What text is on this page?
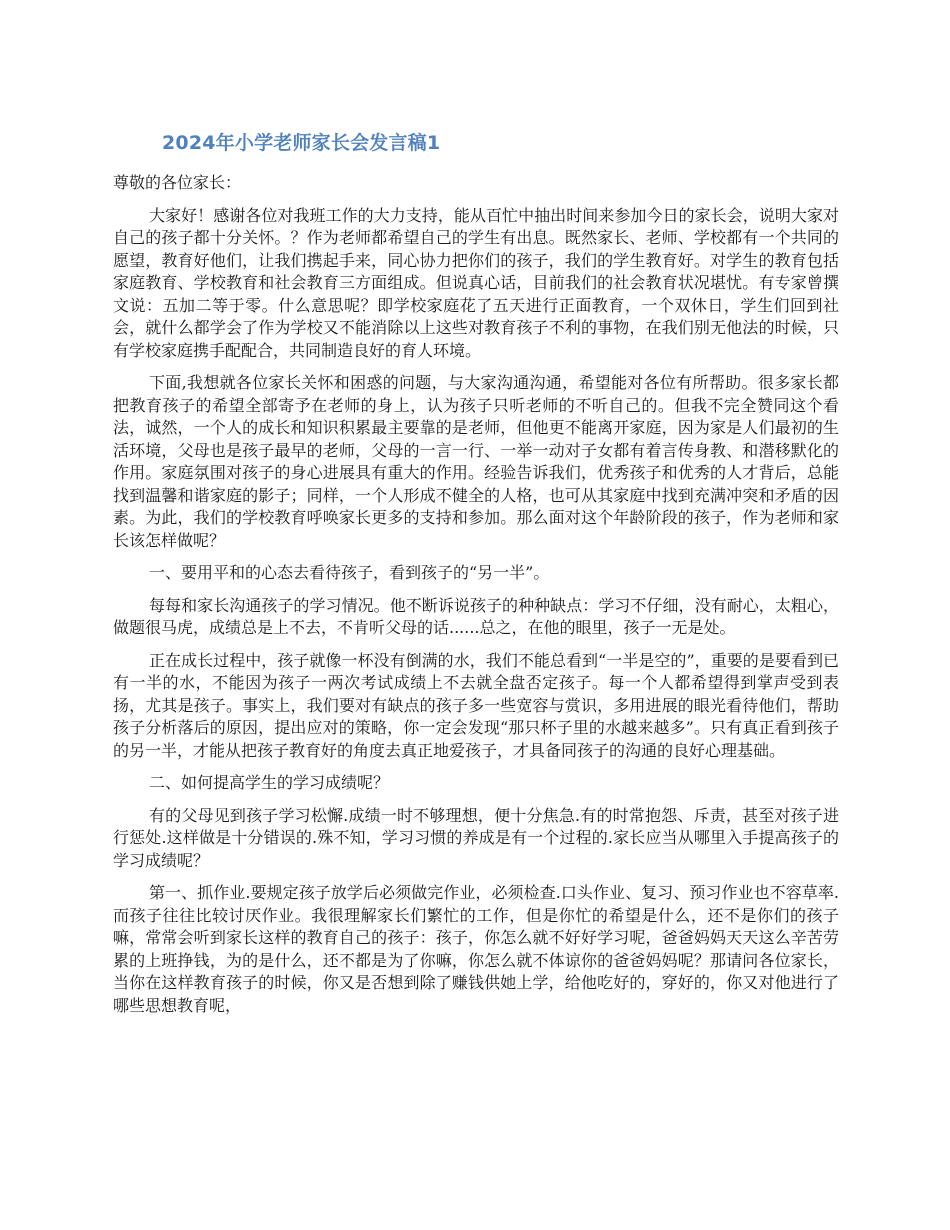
2024年小学老师家长会发言稿1

尊敬的各位家长：

大家好！感谢各位对我班工作的大力支持，能从百忙中抽出时间来参加今日的家长会，说明大家对自己的孩子都十分关怀。？作为老师都希望自己的学生有出息。既然家长、老师、学校都有一个共同的愿望，教育好他们，让我们携起手来，同心协力把你们的孩子，我们的学生教育好。对学生的教育包括家庭教育、学校教育和社会教育三方面组成。但说真心话，目前我们的社会教育状况堪忧。有专家曾撰文说：五加二等于零。什么意思呢？即学校家庭花了五天进行正面教育，一个双休日，学生们回到社会，就什么都学会了作为学校又不能消除以上这些对教育孩子不利的事物，在我们别无他法的时候，只有学校家庭携手配配合，共同制造良好的育人环境。

下面,我想就各位家长关怀和困惑的问题，与大家沟通沟通，希望能对各位有所帮助。很多家长都把教育孩子的希望全部寄予在老师的身上，认为孩子只听老师的不听自己的。但我不完全赞同这个看法，诚然，一个人的成长和知识积累最主要靠的是老师，但他更不能离开家庭，因为家是人们最初的生活环境，父母也是孩子最早的老师，父母的一言一行、一举一动对子女都有着言传身教、和潜移默化的作用。家庭氛围对孩子的身心进展具有重大的作用。经验告诉我们，优秀孩子和优秀的人才背后，总能找到温馨和谐家庭的影子；同样，一个人形成不健全的人格，也可从其家庭中找到充满冲突和矛盾的因素。为此，我们的学校教育呼唤家长更多的支持和参加。那么面对这个年龄阶段的孩子，作为老师和家长该怎样做呢？

一、要用平和的心态去看待孩子，看到孩子的“另一半”。

每每和家长沟通孩子的学习情况。他不断诉说孩子的种种缺点：学习不仔细，没有耐心，太粗心，做题很马虎，成绩总是上不去，不肯听父母的话......总之，在他的眼里，孩子一无是处。

正在成长过程中，孩子就像一杯没有倒满的水，我们不能总看到“一半是空的”，重要的是要看到已有一半的水，不能因为孩子一两次考试成绩上不去就全盘否定孩子。每一个人都希望得到掌声受到表扬，尤其是孩子。事实上，我们要对有缺点的孩子多一些宽容与赏识，多用进展的眼光看待他们，帮助孩子分析落后的原因，提出应对的策略，你一定会发现“那只杯子里的水越来越多”。只有真正看到孩子的另一半，才能从把孩子教育好的角度去真正地爱孩子，才具备同孩子的沟通的良好心理基础。

二、如何提高学生的学习成绩呢？

有的父母见到孩子学习松懈.成绩一时不够理想，便十分焦急.有的时常抱怨、斥责，甚至对孩子进行惩处.这样做是十分错误的.殊不知，学习习惯的养成是有一个过程的.家长应当从哪里入手提高孩子的学习成绩呢？

第一、抓作业.要规定孩子放学后必须做完作业，必须检查.口头作业、复习、预习作业也不容草率.而孩子往往比较讨厌作业。我很理解家长们繁忙的工作，但是你忙的希望是什么，还不是你们的孩子嘛，常常会听到家长这样的教育自己的孩子：孩子，你怎么就不好好学习呢，爸爸妈妈天天这么辛苦劳累的上班挣钱，为的是什么，还不都是为了你嘛，你怎么就不体谅你的爸爸妈妈呢？那请问各位家长，当你在这样教育孩子的时候，你又是否想到除了赚钱供她上学，给他吃好的，穿好的，你又对他进行了哪些思想教育呢，
